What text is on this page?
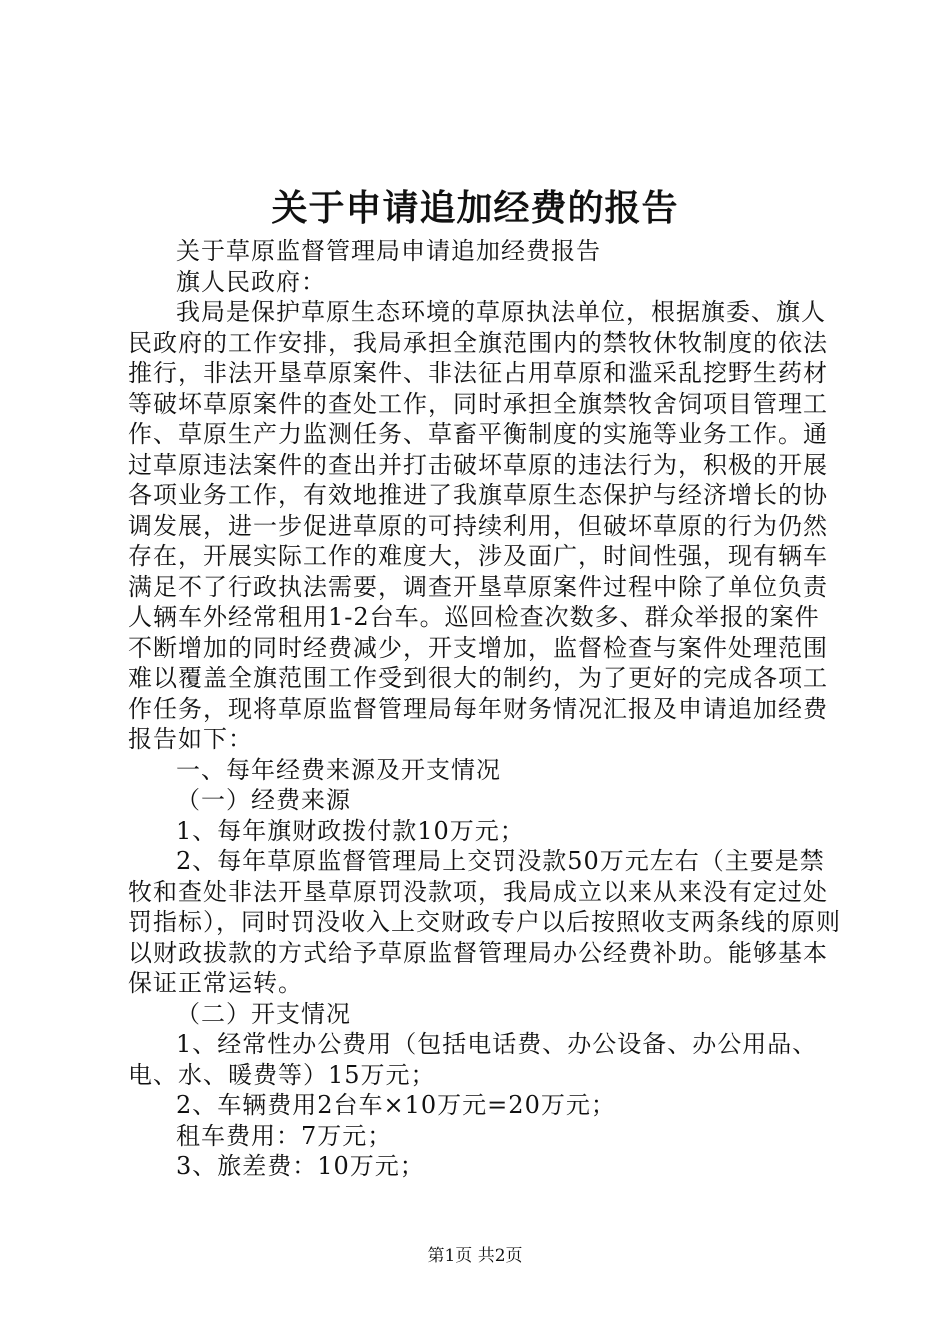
关于申请追加经费的报告

关于草原监督管理局申请追加经费报告

旗人民政府：

我局是保护草原生态环境的草原执法单位，根据旗委、旗人民政府的工作安排，我局承担全旗范围内的禁牧休牧制度的依法推行，非法开垦草原案件、非法征占用草原和滥采乱挖野生药材等破坏草原案件的查处工作，同时承担全旗禁牧舍饲项目管理工作、草原生产力监测任务、草畜平衡制度的实施等业务工作。通过草原违法案件的查出并打击破坏草原的违法行为，积极的开展各项业务工作，有效地推进了我旗草原生态保护与经济增长的协调发展，进一步促进草原的可持续利用，但破坏草原的行为仍然存在，开展实际工作的难度大，涉及面广，时间性强，现有辆车满足不了行政执法需要，调查开垦草原案件过程中除了单位负责人辆车外经常租用1-2台车。巡回检查次数多、群众举报的案件不断增加的同时经费减少，开支增加，监督检查与案件处理范围难以覆盖全旗范围工作受到很大的制约，为了更好的完成各项工作任务，现将草原监督管理局每年财务情况汇报及申请追加经费报告如下：

一、每年经费来源及开支情况

（一）经费来源

1、每年旗财政拨付款10万元；

2、每年草原监督管理局上交罚没款50万元左右（主要是禁牧和查处非法开垦草原罚没款项，我局成立以来从来没有定过处罚指标），同时罚没收入上交财政专户以后按照收支两条线的原则以财政拔款的方式给予草原监督管理局办公经费补助。能够基本保证正常运转。

（二）开支情况

1、经常性办公费用（包括电话费、办公设备、办公用品、电、水、暖费等）15万元；

2、车辆费用2台车×10万元=20万元；

租车费用：7万元；

3、旅差费：10万元；

第1页 共2页
